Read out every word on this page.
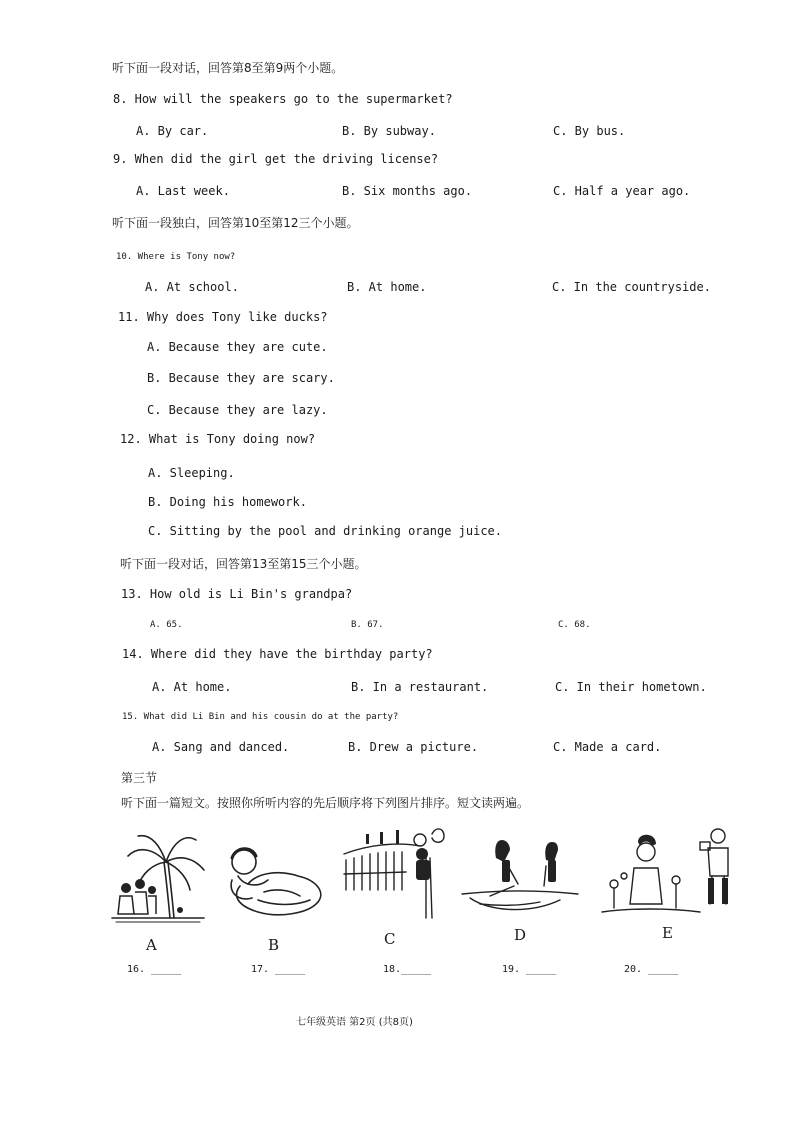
听下面一段对话，回答第8至第9两个小题。
8. How will the speakers go to the supermarket?
A. By car.	B. By subway.	C. By bus.
9. When did the girl get the driving license?
A. Last week.	B. Six months ago.	C. Half a year ago.
听下面一段独白，回答第10至第12三个小题。
10. Where is Tony now?
A. At school.	B. At home.	C. In the countryside.
11. Why does Tony like ducks?
A. Because they are cute.
B. Because they are scary.
C. Because they are lazy.
12. What is Tony doing now?
A. Sleeping.
B. Doing his homework.
C. Sitting by the pool and drinking orange juice.
听下面一段对话，回答第13至第15三个小题。
13. How old is Li Bin's grandpa?
A. 65.	B. 67.	C. 68.
14. Where did they have the birthday party?
A. At home.	B. In a restaurant.	C. In their hometown.
15. What did Li Bin and his cousin do at the party?
A. Sang and danced.	B. Drew a picture.	C. Made a card.
第三节
听下面一篇短文。按照你所听内容的先后顺序将下列图片排序。短文读两遍。
A	B	C	D	E
16. _____	17. _____	18._____	19. _____	20. _____
七年级英语 第2页 (共8页)
